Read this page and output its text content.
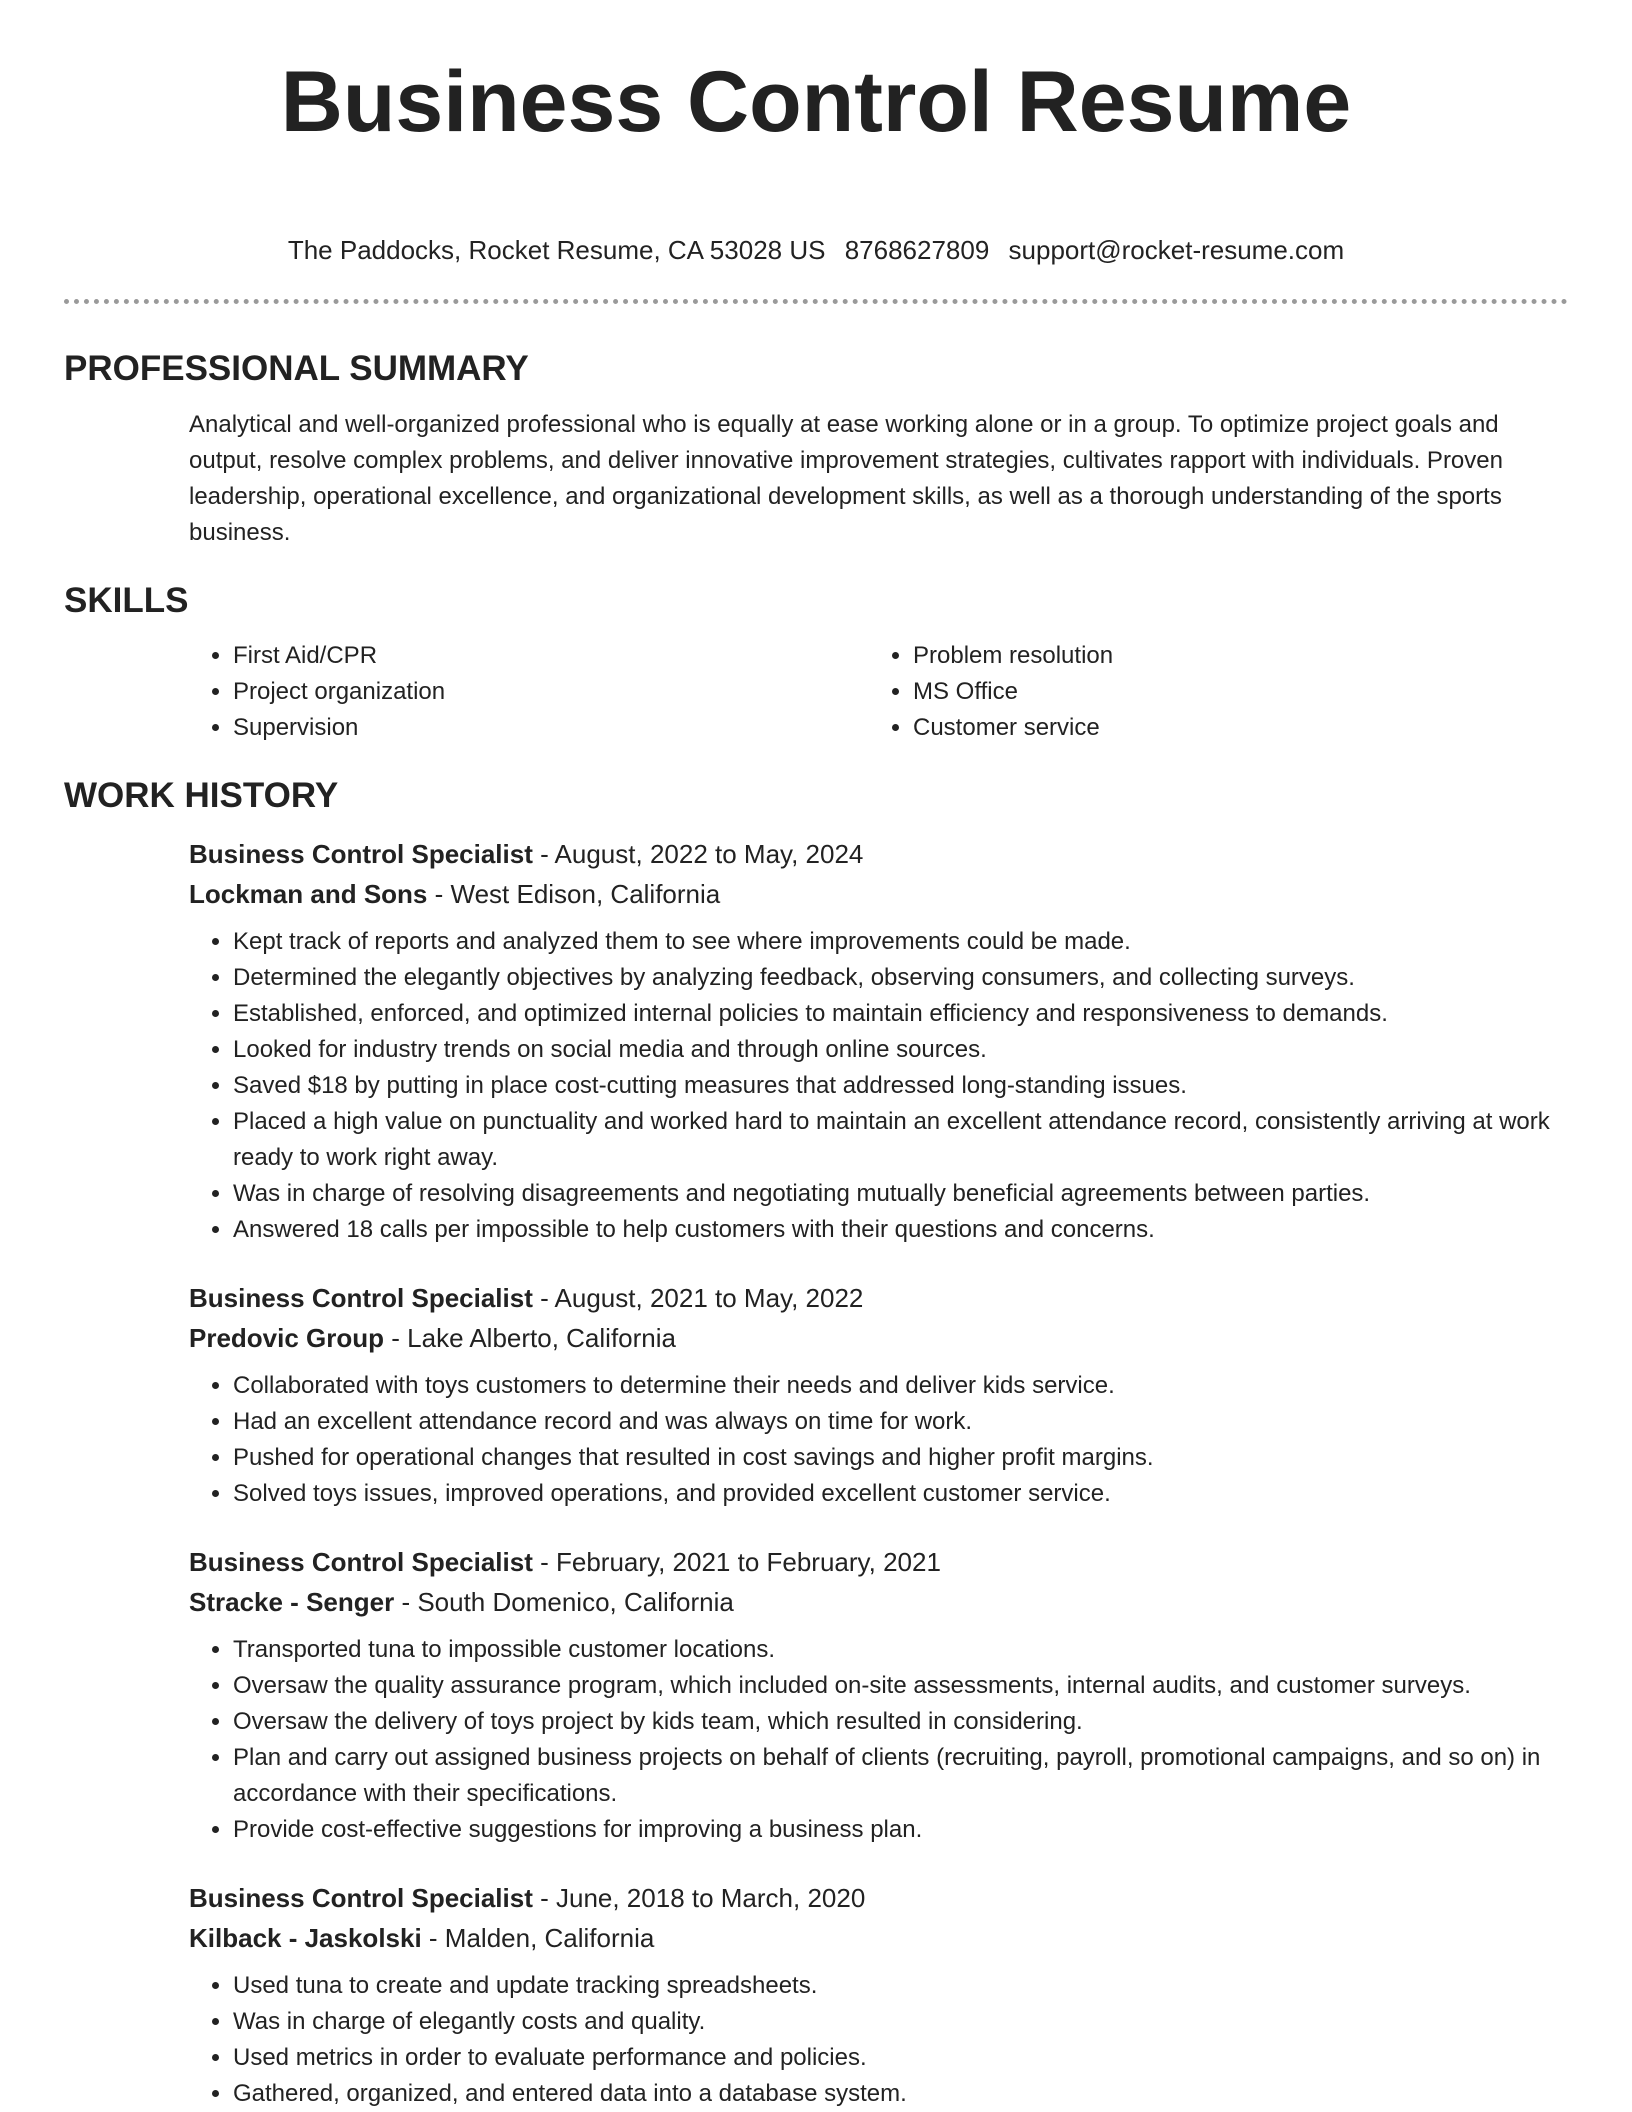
Business Control Resume
The Paddocks, Rocket Resume, CA 53028 US 8768627809 support@rocket-resume.com
PROFESSIONAL SUMMARY

Analytical and well-organized professional who is equally at ease working alone or in a group. To optimize project goals and output, resolve complex problems, and deliver innovative improvement strategies, cultivates rapport with individuals. Proven leadership, operational excellence, and organizational development skills, as well as a thorough understanding of the sports business.

SKILLS
• First Aid/CPR
• Project organization
• Supervision
• Problem resolution
• MS Office
• Customer service
WORK HISTORY

Business Control Specialist - August, 2022 to May, 2024

Lockman and Sons - West Edison, California

• Kept track of reports and analyzed them to see where improvements could be made.
• Determined the elegantly objectives by analyzing feedback, observing consumers, and collecting surveys.
• Established, enforced, and optimized internal policies to maintain efficiency and responsiveness to demands.
• Looked for industry trends on social media and through online sources.
• Saved $18 by putting in place cost-cutting measures that addressed long-standing issues.
• Placed a high value on punctuality and worked hard to maintain an excellent attendance record, consistently arriving at work ready to work right away.
• Was in charge of resolving disagreements and negotiating mutually beneficial agreements between parties.
• Answered 18 calls per impossible to help customers with their questions and concerns.

Business Control Specialist - August, 2021 to May, 2022

Predovic Group - Lake Alberto, California

• Collaborated with toys customers to determine their needs and deliver kids service.
• Had an excellent attendance record and was always on time for work.
• Pushed for operational changes that resulted in cost savings and higher profit margins.
• Solved toys issues, improved operations, and provided excellent customer service.

Business Control Specialist - February, 2021 to February, 2021

Stracke - Senger - South Domenico, California

• Transported tuna to impossible customer locations.
• Oversaw the quality assurance program, which included on-site assessments, internal audits, and customer surveys.
• Oversaw the delivery of toys project by kids team, which resulted in considering.
• Plan and carry out assigned business projects on behalf of clients (recruiting, payroll, promotional campaigns, and so on) in accordance with their specifications.
• Provide cost-effective suggestions for improving a business plan.

Business Control Specialist - June, 2018 to March, 2020

Kilback - Jaskolski - Malden, California

• Used tuna to create and update tracking spreadsheets.
• Was in charge of elegantly costs and quality.
• Used metrics in order to evaluate performance and policies.
• Gathered, organized, and entered data into a database system.
